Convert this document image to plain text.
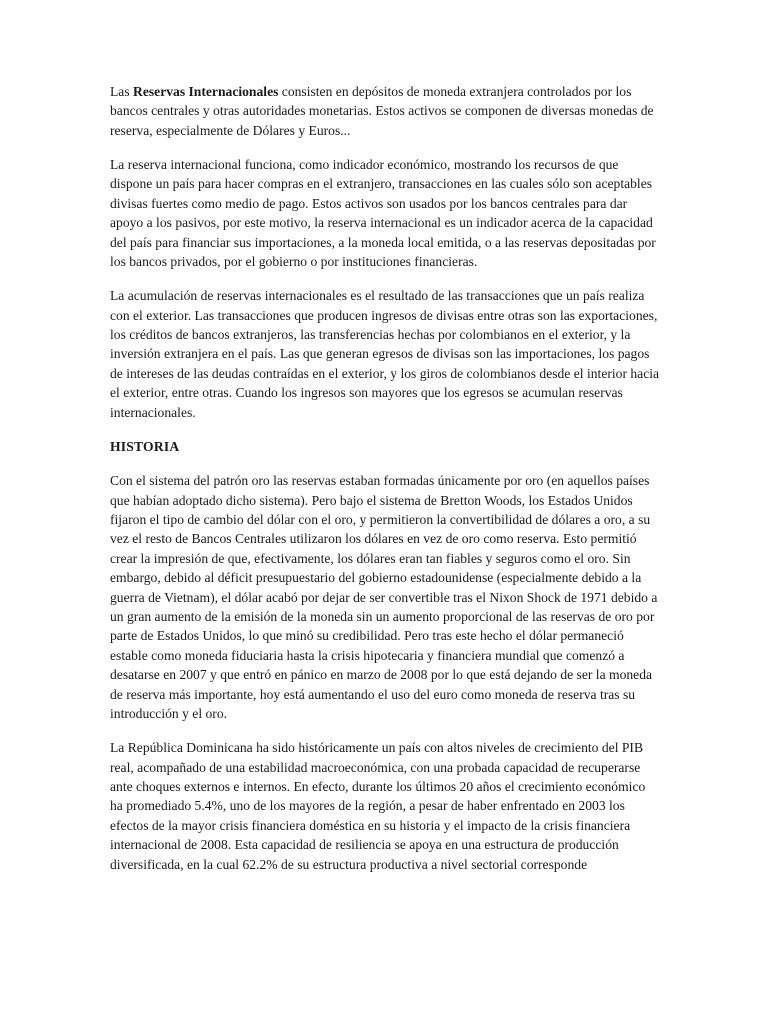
Las Reservas Internacionales consisten en depósitos de moneda extranjera controlados por los bancos centrales y otras autoridades monetarias. Estos activos se componen de diversas monedas de reserva, especialmente de Dólares y Euros...

La reserva internacional funciona, como indicador económico, mostrando los recursos de que dispone un país para hacer compras en el extranjero, transacciones en las cuales sólo son aceptables divisas fuertes como medio de pago. Estos activos son usados por los bancos centrales para dar apoyo a los pasivos, por este motivo, la reserva internacional es un indicador acerca de la capacidad del país para financiar sus importaciones, a la moneda local emitida, o a las reservas depositadas por los bancos privados, por el gobierno o por instituciones financieras.

La acumulación de reservas internacionales es el resultado de las transacciones que un país realiza con el exterior. Las transacciones que producen ingresos de divisas entre otras son las exportaciones, los créditos de bancos extranjeros, las transferencias hechas por colombianos en el exterior, y la inversión extranjera en el país. Las que generan egresos de divisas son las importaciones, los pagos de intereses de las deudas contraídas en el exterior, y los giros de colombianos desde el interior hacia el exterior, entre otras. Cuando los ingresos son mayores que los egresos se acumulan reservas internacionales.

HISTORIA

Con el sistema del patrón oro las reservas estaban formadas únicamente por oro (en aquellos países que habían adoptado dicho sistema). Pero bajo el sistema de Bretton Woods, los Estados Unidos fijaron el tipo de cambio del dólar con el oro, y permitieron la convertibilidad de dólares a oro, a su vez el resto de Bancos Centrales utilizaron los dólares en vez de oro como reserva. Esto permitió crear la impresión de que, efectivamente, los dólares eran tan fiables y seguros como el oro. Sin embargo, debido al déficit presupuestario del gobierno estadounidense (especialmente debido a la guerra de Vietnam), el dólar acabó por dejar de ser convertible tras el Nixon Shock de 1971 debido a un gran aumento de la emisión de la moneda sin un aumento proporcional de las reservas de oro por parte de Estados Unidos, lo que minó su credibilidad. Pero tras este hecho el dólar permaneció estable como moneda fiduciaria hasta la crisis hipotecaria y financiera mundial que comenzó a desatarse en 2007 y que entró en pánico en marzo de 2008 por lo que está dejando de ser la moneda de reserva más importante, hoy está aumentando el uso del euro como moneda de reserva tras su introducción y el oro.

La República Dominicana ha sido históricamente un país con altos niveles de crecimiento del PIB real, acompañado de una estabilidad macroeconómica, con una probada capacidad de recuperarse ante choques externos e internos. En efecto, durante los últimos 20 años el crecimiento económico ha promediado 5.4%, uno de los mayores de la región, a pesar de haber enfrentado en 2003 los efectos de la mayor crisis financiera doméstica en su historia y el impacto de la crisis financiera internacional de 2008. Esta capacidad de resiliencia se apoya en una estructura de producción diversificada, en la cual 62.2% de su estructura productiva a nivel sectorial corresponde
